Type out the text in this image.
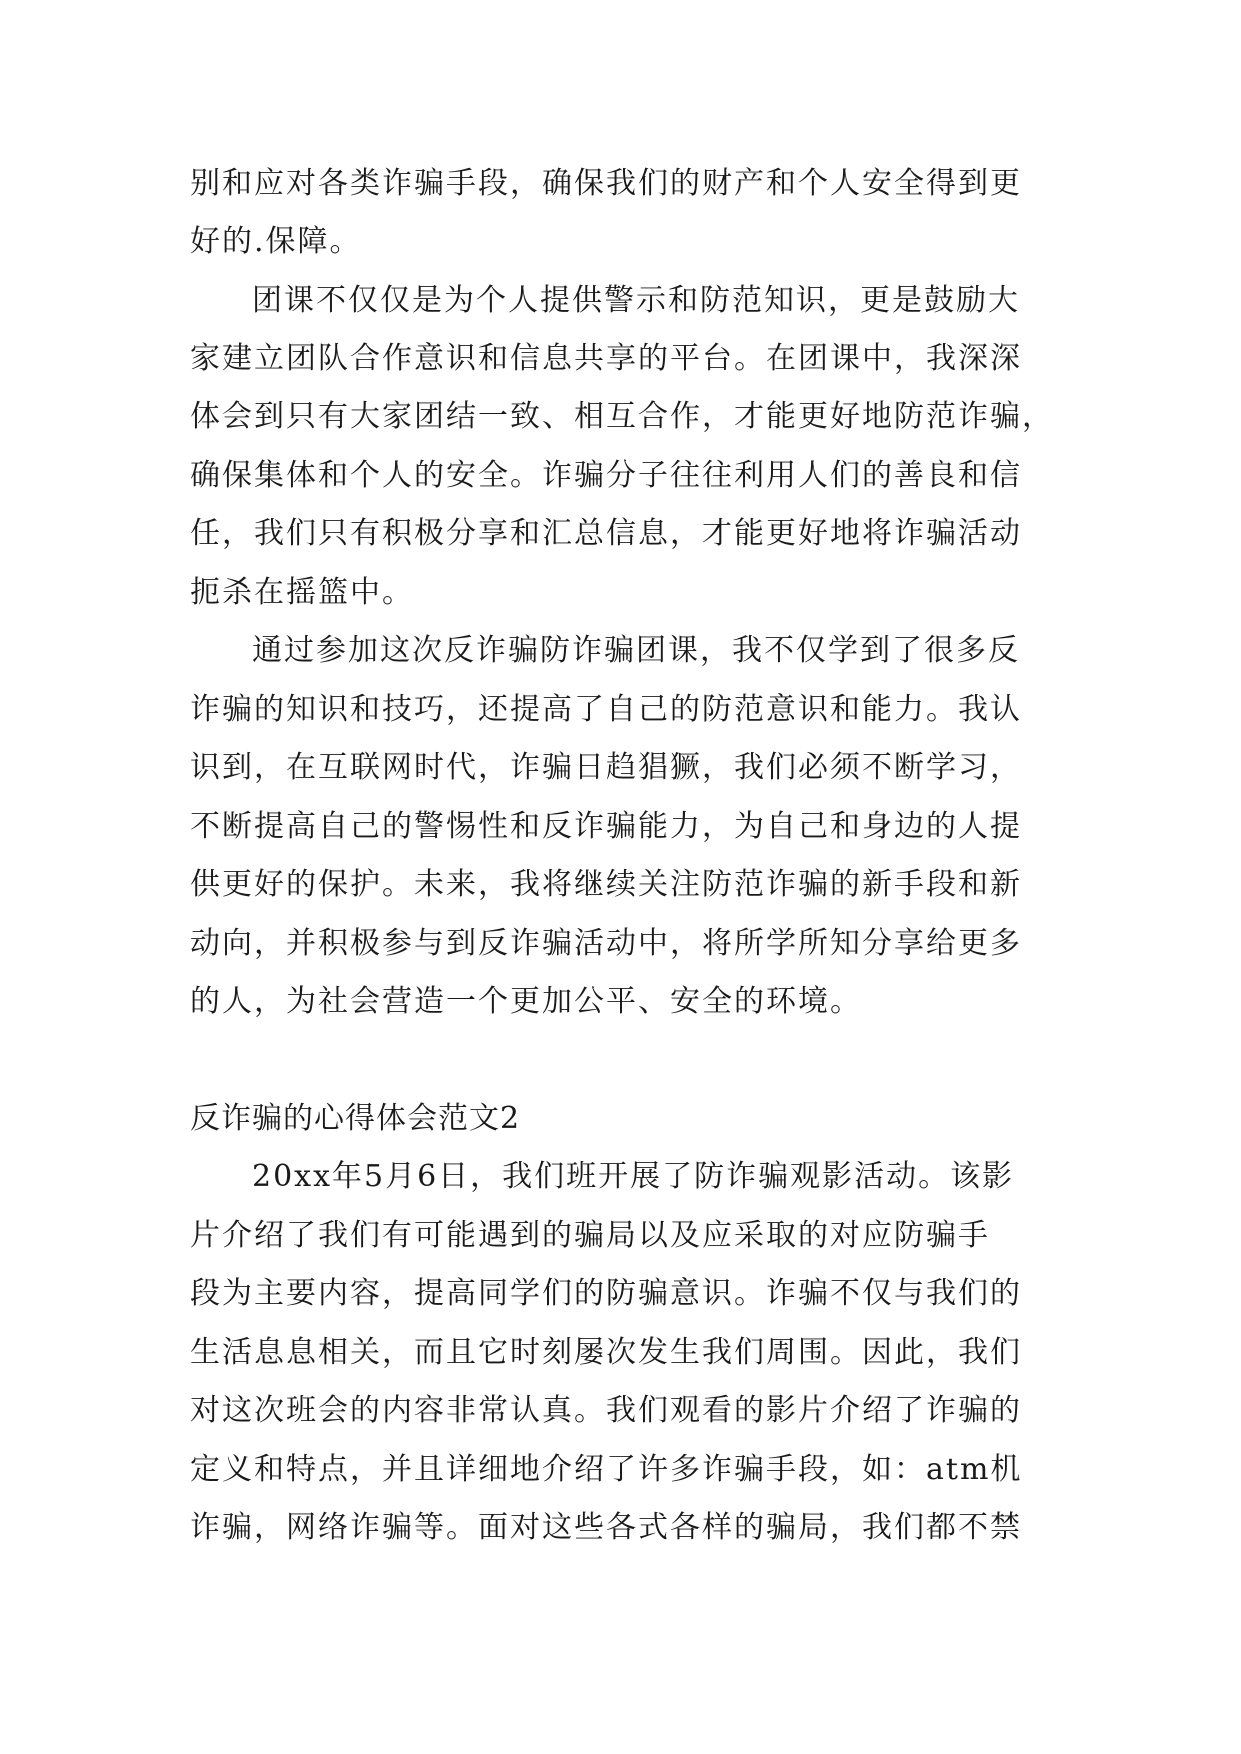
别和应对各类诈骗手段，确保我们的财产和个人安全得到更
好的.保障。
团课不仅仅是为个人提供警示和防范知识，更是鼓励大
家建立团队合作意识和信息共享的平台。在团课中，我深深
体会到只有大家团结一致、相互合作，才能更好地防范诈骗，
确保集体和个人的安全。诈骗分子往往利用人们的善良和信
任，我们只有积极分享和汇总信息，才能更好地将诈骗活动
扼杀在摇篮中。
通过参加这次反诈骗防诈骗团课，我不仅学到了很多反
诈骗的知识和技巧，还提高了自己的防范意识和能力。我认
识到，在互联网时代，诈骗日趋猖獗，我们必须不断学习，
不断提高自己的警惕性和反诈骗能力，为自己和身边的人提
供更好的保护。未来，我将继续关注防范诈骗的新手段和新
动向，并积极参与到反诈骗活动中，将所学所知分享给更多
的人，为社会营造一个更加公平、安全的环境。
反诈骗的心得体会范文2
20xx年5月6日，我们班开展了防诈骗观影活动。该影
片介绍了我们有可能遇到的骗局以及应采取的对应防骗手
段为主要内容，提高同学们的防骗意识。诈骗不仅与我们的
生活息息相关，而且它时刻屡次发生我们周围。因此，我们
对这次班会的内容非常认真。我们观看的影片介绍了诈骗的
定义和特点，并且详细地介绍了许多诈骗手段，如：atm机
诈骗，网络诈骗等。面对这些各式各样的骗局，我们都不禁
